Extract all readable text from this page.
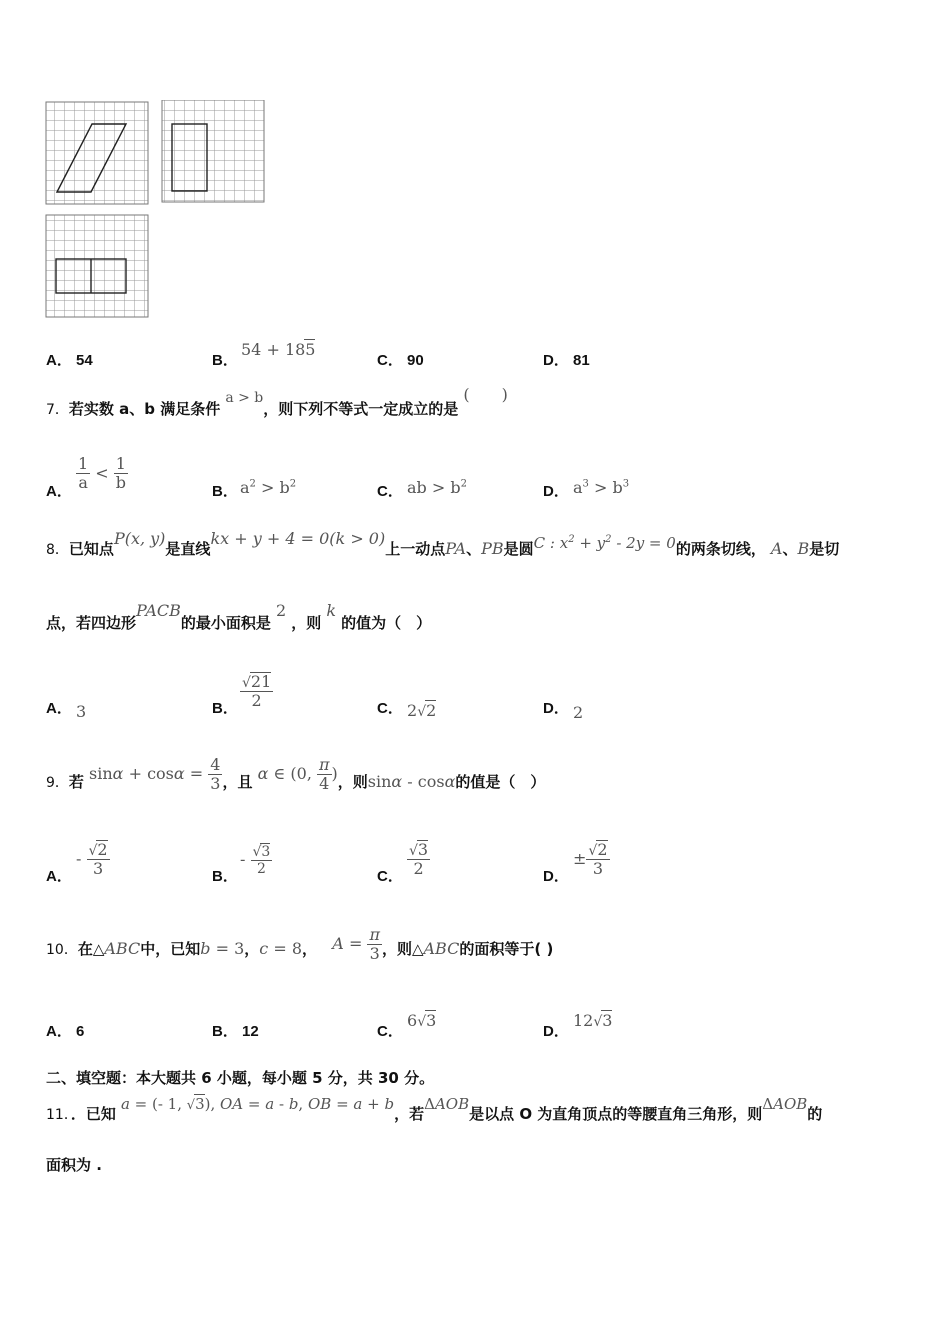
A． 54	B．
54 + 185
C． 90	D． 81
7．若实数 a、b 满足条件 a > b，则下列不等式一定成立的是 (　　)
A． $\frac{1}{a} < \frac{1}{b}$	B． $a^2 > b^2$	C． ab > $b^2$	D． $a^3 > b^3$
8．已知点P(x, y)是直线kx + y + 4 = 0(k > 0)上一动点PA、PB是圆C : $x^2 + y^2 - 2y = 0$的两条切线， A、B是切
点，若四边形PACB的最小面积是 2 ，则 k 的值为（　）
A． 3	B． $\frac{√21}{2}$	C． 2√2	D． 2
9．若 $\sin\alpha + \cos\alpha = \frac{4}{3}$ ，且 α ∈ (0, $\frac{\pi}{4}$ )，则sinα - cosα的值是（　）
A．
- $\frac{√2}{3}$	B．
- $\frac{√3}{2}$	C． $\frac{√3}{2}$	D．
± $\frac{√2}{3}$
10．在△ABC中，已知b = 3，c = 8， $A = \frac{\pi}{3}$ ，则△ABC的面积等于( )
A． 6	B． 12	C．
6√3
D．
12√3
二、填空题：本大题共 6 小题，每小题 5 分，共 30 分。
11．．已知 a = (- 1, √3), OA = a - b, OB = a + b，若ΔAOB是以点 O 为直角顶点的等腰直角三角形，则ΔAOB的
面积为 .
